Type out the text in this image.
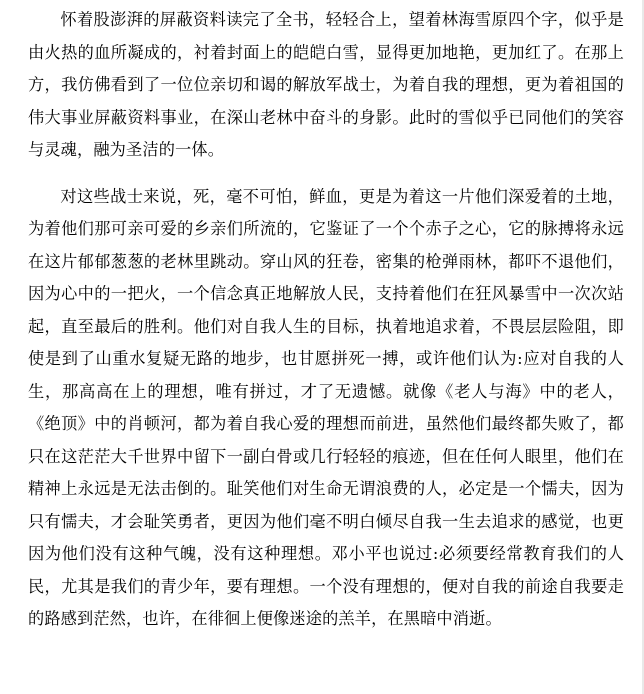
怀着股澎湃的屏蔽资料读完了全书，轻轻合上，望着林海雪原四个字，似乎是由火热的血所凝成的，衬着封面上的皑皑白雪，显得更加地艳，更加红了。在那上方，我仿佛看到了一位位亲切和谒的解放军战士，为着自我的理想，更为着祖国的伟大事业屏蔽资料事业，在深山老林中奋斗的身影。此时的雪似乎已同他们的笑容与灵魂，融为圣洁的一体。

对这些战士来说，死，毫不可怕，鲜血，更是为着这一片他们深爱着的土地，为着他们那可亲可爱的乡亲们所流的，它鉴证了一个个赤子之心，它的脉搏将永远在这片郁郁葱葱的老林里跳动。穿山风的狂卷，密集的枪弹雨林，都吓不退他们，因为心中的一把火，一个信念真正地解放人民，支持着他们在狂风暴雪中一次次站起，直至最后的胜利。他们对自我人生的目标，执着地追求着，不畏层层险阻，即使是到了山重水复疑无路的地步，也甘愿拼死一搏，或许他们认为:应对自我的人生，那高高在上的理想，唯有拼过，才了无遗憾。就像《老人与海》中的老人，《绝顶》中的肖顿河，都为着自我心爱的理想而前进，虽然他们最终都失败了，都只在这茫茫大千世界中留下一副白骨或几行轻轻的痕迹，但在任何人眼里，他们在精神上永远是无法击倒的。耻笑他们对生命无谓浪费的人，必定是一个懦夫，因为只有懦夫，才会耻笑勇者，更因为他们毫不明白倾尽自我一生去追求的感觉，也更因为他们没有这种气魄，没有这种理想。邓小平也说过:必须要经常教育我们的人民，尤其是我们的青少年，要有理想。一个没有理想的，便对自我的前途自我要走的路感到茫然，也许，在徘徊上便像迷途的羔羊，在黑暗中消逝。
